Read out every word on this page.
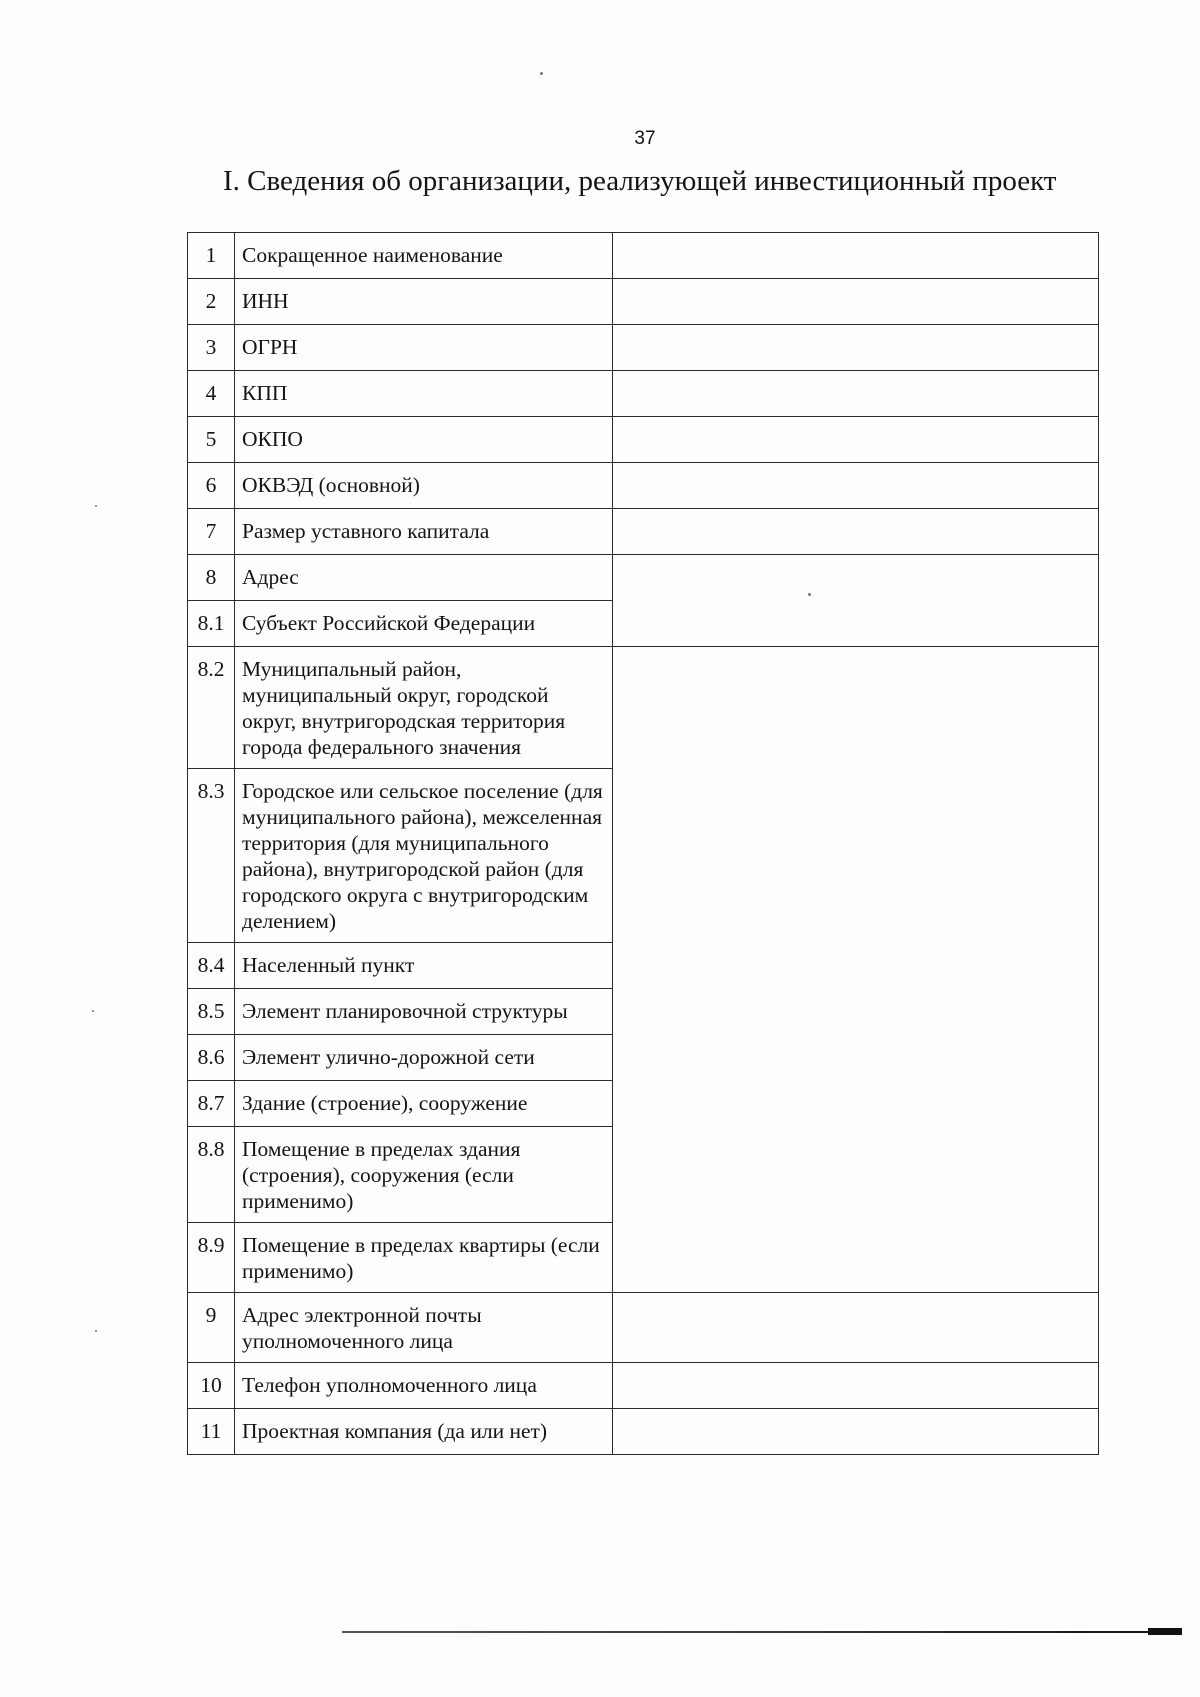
37
I. Сведения об организации, реализующей инвестиционный проект
1	Сокращенное наименование	
2	ИНН	
3	ОГРН	
4	КПП	
5	ОКПО	
6	ОКВЭД (основной)	
7	Размер уставного капитала	
8	Адрес	
8.1	Субъект Российской Федерации	
8.2	Муниципальный район, муниципальный округ, городской округ, внутригородская территория города федерального значения	
8.3	Городское или сельское поселение (для муниципального района), межселенная территория (для муниципального района), внутригородской район (для городского округа с внутригородским делением)	
8.4	Населенный пункт	
8.5	Элемент планировочной структуры	
8.6	Элемент улично-дорожной сети	
8.7	Здание (строение), сооружение	
8.8	Помещение в пределах здания (строения), сооружения (если применимо)	
8.9	Помещение в пределах квартиры (если применимо)	
9	Адрес электронной почты уполномоченного лица	
10	Телефон уполномоченного лица	
11	Проектная компания (да или нет)	
